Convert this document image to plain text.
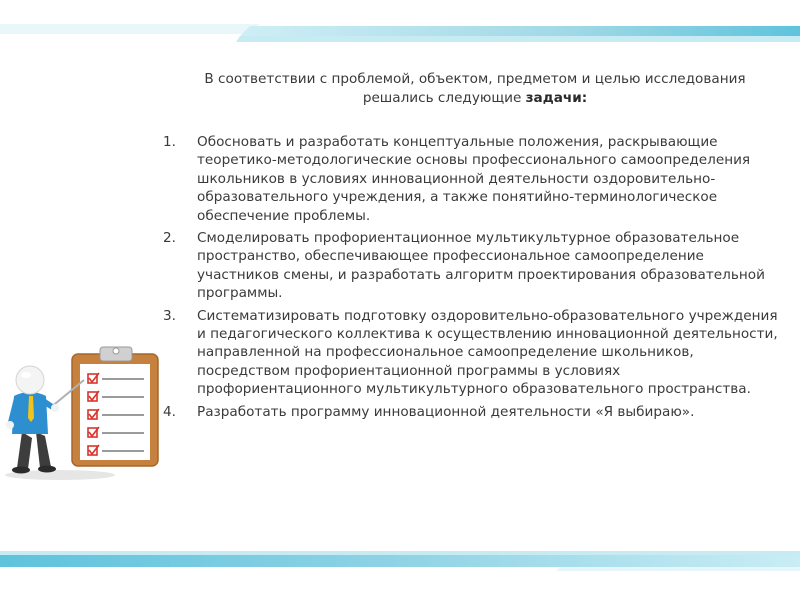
В соответствии с проблемой, объектом, предметом и целью исследования
решались следующие задачи:
1. Обосновать и разработать концептуальные положения, раскрывающие теоретико-методологические основы профессионального самоопределения школьников в условиях инновационной деятельности оздоровительно-образовательного учреждения, а также понятийно-терминологическое обеспечение проблемы.
2. Смоделировать профориентационное мультикультурное образовательное пространство, обеспечивающее профессиональное самоопределение участников смены, и разработать алгоритм проектирования образовательной программы.
3. Систематизировать подготовку оздоровительно-образовательного учреждения и педагогического коллектива к осуществлению инновационной деятельности, направленной на профессиональное самоопределение школьников, посредством профориентационной программы в условиях профориентационного мультикультурного образовательного пространства.
4. Разработать программу инновационной деятельности «Я выбираю».
